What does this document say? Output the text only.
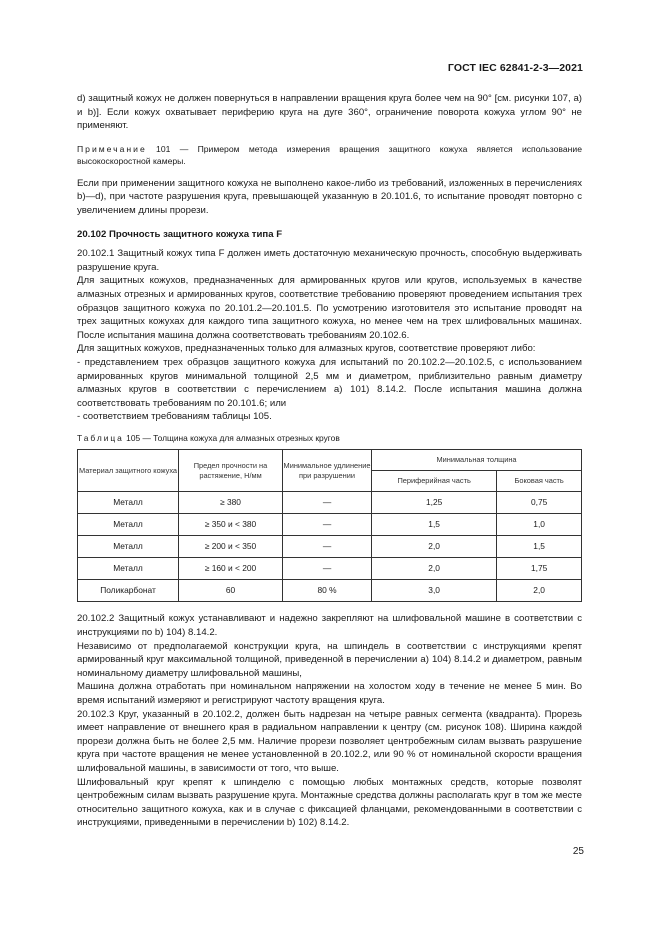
ГОСТ IEC 62841-2-3—2021

d) защитный кожух не должен повернуться в направлении вращения круга более чем на 90° [см. рисунки 107, a) и b)]. Если кожух охватывает периферию круга на дуге 360°, ограничение поворота кожуха углом 90° не применяют.

Примечание 101 — Примером метода измерения вращения защитного кожуха является использование высокоскоростной камеры.

Если при применении защитного кожуха не выполнено какое-либо из требований, изложенных в перечислениях b)—d), при частоте разрушения круга, превышающей указанную в 20.101.6, то испытание проводят повторно с увеличением длины прорези.

20.102 Прочность защитного кожуха типа F

20.102.1 Защитный кожух типа F должен иметь достаточную механическую прочность, способную выдерживать разрушение круга.

Для защитных кожухов, предназначенных для армированных кругов или кругов, используемых в качестве алмазных отрезных и армированных кругов, соответствие требованию проверяют проведением испытания трех образцов защитного кожуха по 20.101.2—20.101.5. По усмотрению изготовителя это испытание проводят на трех защитных кожухах для каждого типа защитного кожуха, но менее чем на трех шлифовальных машинах. После испытания машина должна соответствовать требованиям 20.102.6.

Для защитных кожухов, предназначенных только для алмазных кругов, соответствие проверяют либо:

- представлением трех образцов защитного кожуха для испытаний по 20.102.2—20.102.5, с использованием армированных кругов минимальной толщиной 2,5 мм и диаметром, приблизительно равным диаметру алмазных кругов в соответствии с перечислением a) 101) 8.14.2. После испытания машина должна соответствовать требованиям по 20.101.6; или

- соответствием требованиям таблицы 105.

Таблица 105 — Толщина кожуха для алмазных отрезных кругов

Материал защитного кожуха	Предел прочности на растяжение, Н/мм	Минимальное удлинение при разрушении	Минимальная толщина	
			Периферийная часть	Боковая часть
Металл	≥ 380	—	1,25	0,75
Металл	≥ 350 и < 380	—	1,5	1,0
Металл	≥ 200 и < 350	—	2,0	1,5
Металл	≥ 160 и < 200	—	2,0	1,75
Поликарбонат	60	80 %	3,0	2,0

20.102.2 Защитный кожух устанавливают и надежно закрепляют на шлифовальной машине в соответствии с инструкциями по b) 104) 8.14.2.

Независимо от предполагаемой конструкции круга, на шпиндель в соответствии с инструкциями крепят армированный круг максимальной толщиной, приведенной в перечислении a) 104) 8.14.2 и диаметром, равным номинальному диаметру шлифовальной машины,

Машина должна отработать при номинальном напряжении на холостом ходу в течение не менее 5 мин. Во время испытаний измеряют и регистрируют частоту вращения круга.

20.102.3 Круг, указанный в 20.102.2, должен быть надрезан на четыре равных сегмента (квадранта). Прорезь имеет направление от внешнего края в радиальном направлении к центру (см. рисунок 108). Ширина каждой прорези должна быть не более 2,5 мм. Наличие прорези позволяет центробежным силам вызвать разрушение круга при частоте вращения не менее установленной в 20.102.2, или 90 % от номинальной скорости вращения шлифовальной машины, в зависимости от того, что выше.

Шлифовальный круг крепят к шпинделю с помощью любых монтажных средств, которые позволят центробежным силам вызвать разрушение круга. Монтажные средства должны располагать круг в том же месте относительно защитного кожуха, как и в случае с фиксацией фланцами, рекомендованными в соответствии с инструкциями, приведенными в перечислении b) 102) 8.14.2.

25
